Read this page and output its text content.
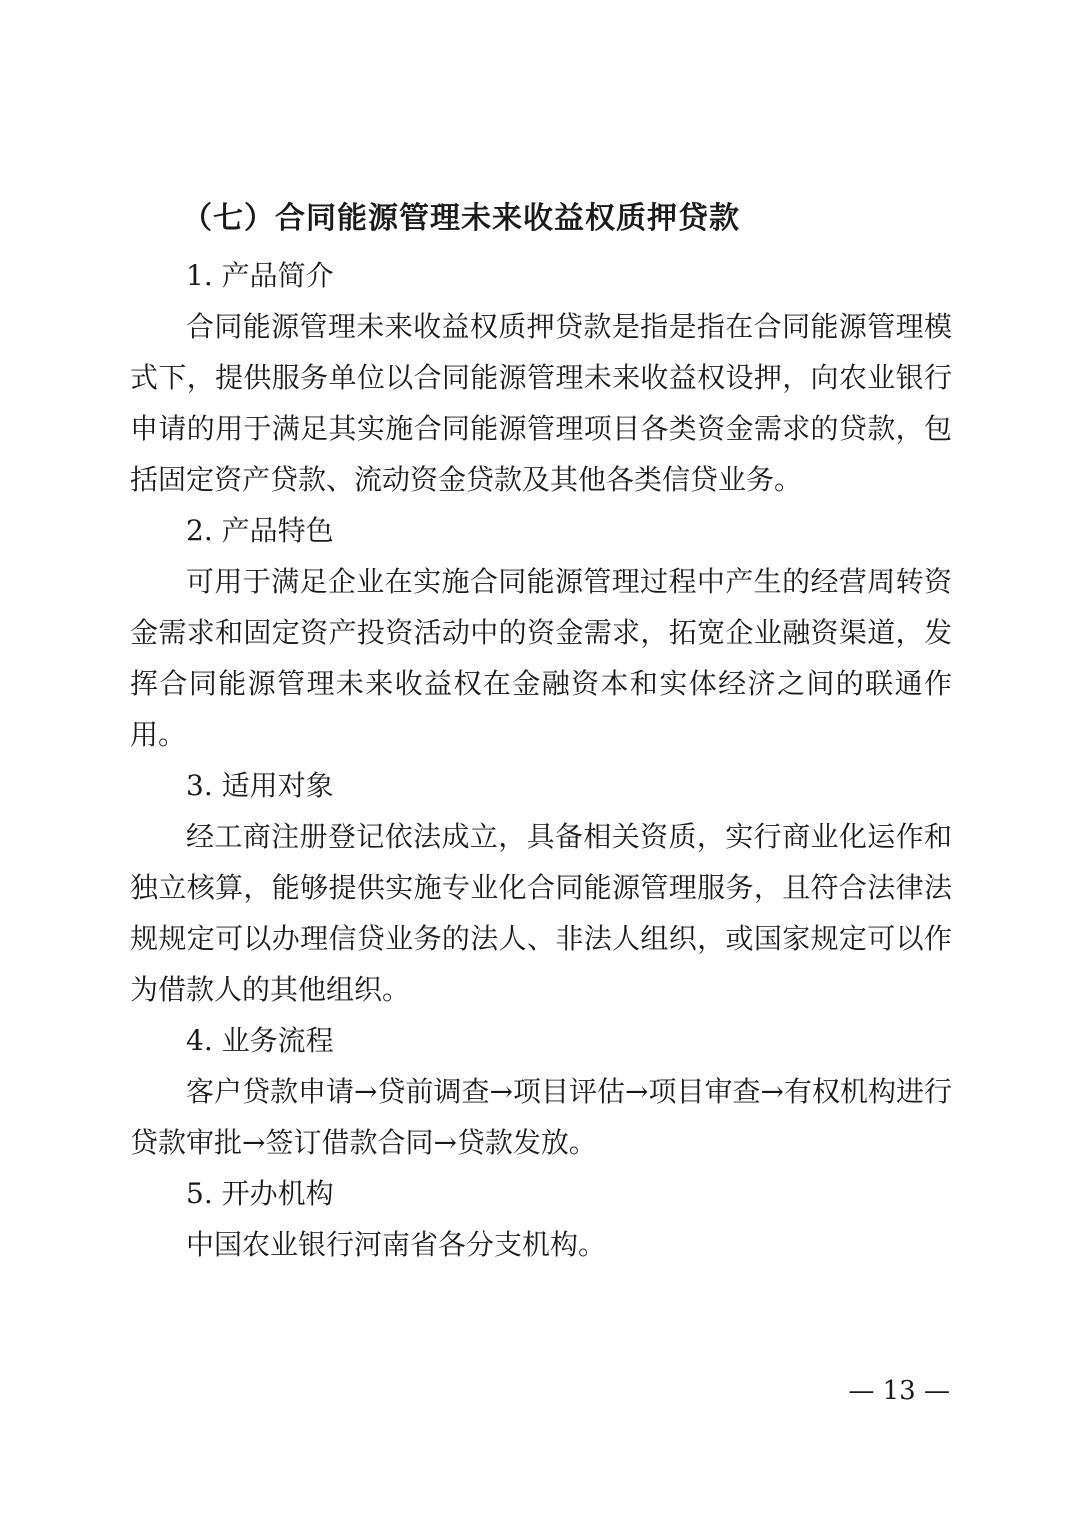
（七）合同能源管理未来收益权质押贷款

1. 产品简介

合同能源管理未来收益权质押贷款是指是指在合同能源管理模式下，提供服务单位以合同能源管理未来收益权设押，向农业银行申请的用于满足其实施合同能源管理项目各类资金需求的贷款，包括固定资产贷款、流动资金贷款及其他各类信贷业务。

2. 产品特色

可用于满足企业在实施合同能源管理过程中产生的经营周转资金需求和固定资产投资活动中的资金需求，拓宽企业融资渠道，发挥合同能源管理未来收益权在金融资本和实体经济之间的联通作用。

3. 适用对象

经工商注册登记依法成立，具备相关资质，实行商业化运作和独立核算，能够提供实施专业化合同能源管理服务，且符合法律法规规定可以办理信贷业务的法人、非法人组织，或国家规定可以作为借款人的其他组织。

4. 业务流程

客户贷款申请→贷前调查→项目评估→项目审查→有权机构进行贷款审批→签订借款合同→贷款发放。

5. 开办机构

中国农业银行河南省各分支机构。

— 13 —
